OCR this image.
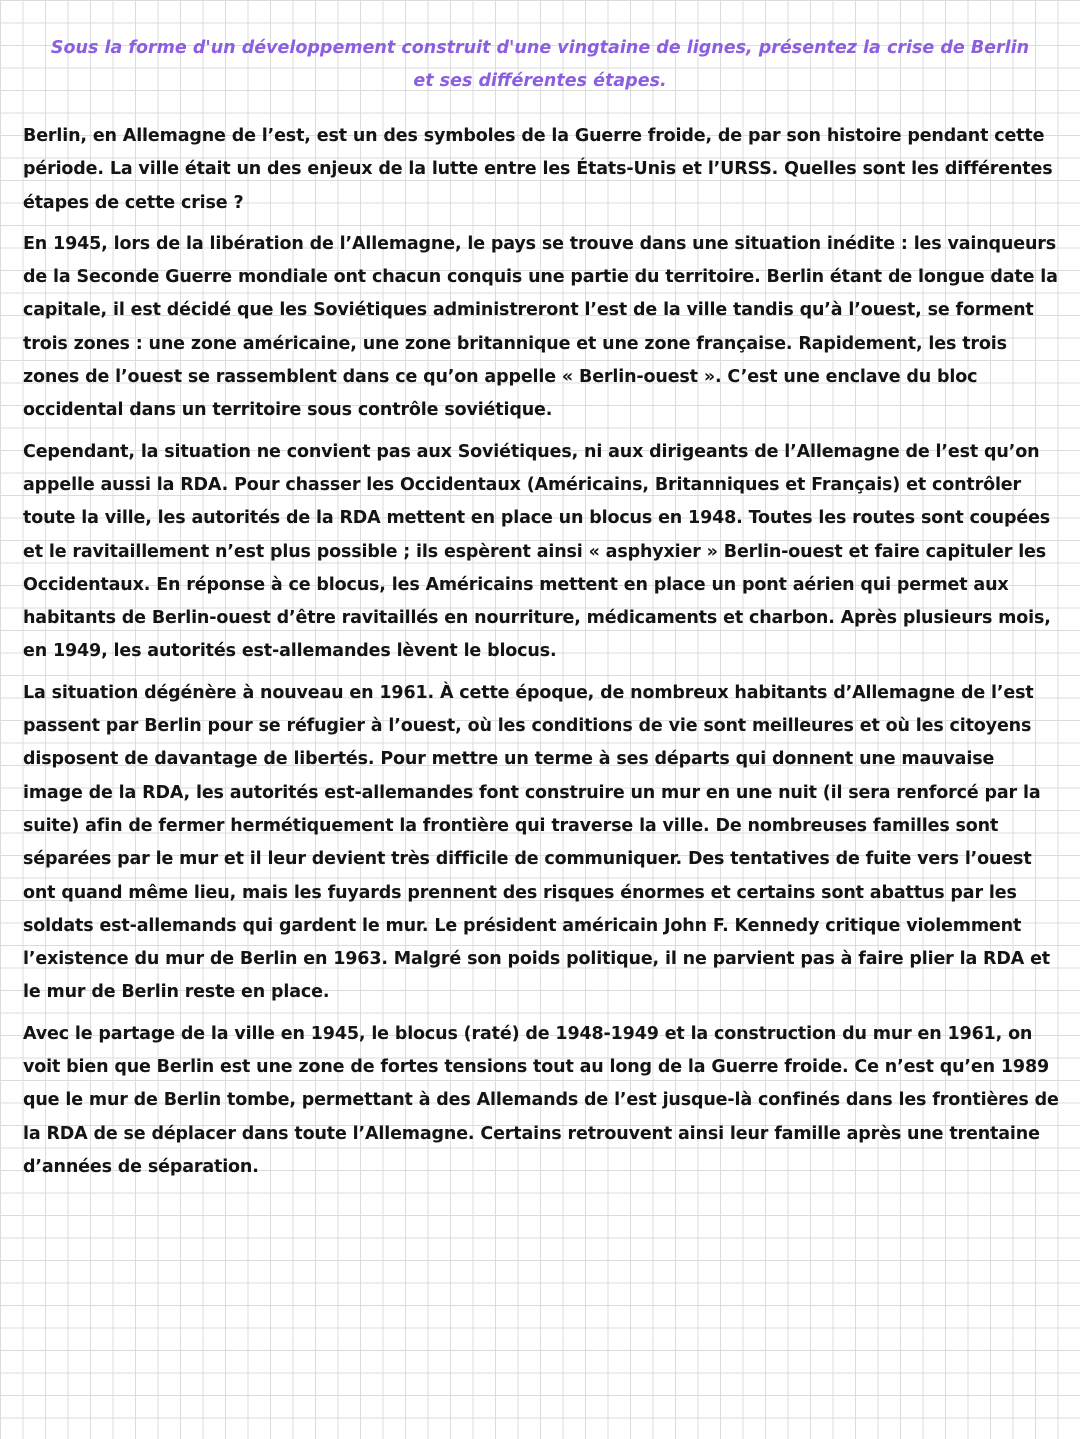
Sous la forme d'un développement construit d'une vingtaine de lignes, présentez la crise de Berlin et ses différentes étapes.

Berlin, en Allemagne de l’est, est un des symboles de la Guerre froide, de par son histoire pendant cette période. La ville était un des enjeux de la lutte entre les États-Unis et l’URSS. Quelles sont les différentes étapes de cette crise ?

En 1945, lors de la libération de l’Allemagne, le pays se trouve dans une situation inédite : les vainqueurs de la Seconde Guerre mondiale ont chacun conquis une partie du territoire. Berlin étant de longue date la capitale, il est décidé que les Soviétiques administreront l’est de la ville tandis qu’à l’ouest, se forment trois zones : une zone américaine, une zone britannique et une zone française. Rapidement, les trois zones de l’ouest se rassemblent dans ce qu’on appelle « Berlin-ouest ». C’est une enclave du bloc occidental dans un territoire sous contrôle soviétique.

Cependant, la situation ne convient pas aux Soviétiques, ni aux dirigeants de l’Allemagne de l’est qu’on appelle aussi la RDA. Pour chasser les Occidentaux (Américains, Britanniques et Français) et contrôler toute la ville, les autorités de la RDA mettent en place un blocus en 1948. Toutes les routes sont coupées et le ravitaillement n’est plus possible ; ils espèrent ainsi « asphyxier » Berlin-ouest et faire capituler les Occidentaux. En réponse à ce blocus, les Américains mettent en place un pont aérien qui permet aux habitants de Berlin-ouest d’être ravitaillés en nourriture, médicaments et charbon. Après plusieurs mois, en 1949, les autorités est-allemandes lèvent le blocus.

La situation dégénère à nouveau en 1961. À cette époque, de nombreux habitants d’Allemagne de l’est passent par Berlin pour se réfugier à l’ouest, où les conditions de vie sont meilleures et où les citoyens disposent de davantage de libertés. Pour mettre un terme à ses départs qui donnent une mauvaise image de la RDA, les autorités est-allemandes font construire un mur en une nuit (il sera renforcé par la suite) afin de fermer hermétiquement la frontière qui traverse la ville. De nombreuses familles sont séparées par le mur et il leur devient très difficile de communiquer. Des tentatives de fuite vers l’ouest ont quand même lieu, mais les fuyards prennent des risques énormes et certains sont abattus par les soldats est-allemands qui gardent le mur. Le président américain John F. Kennedy critique violemment l’existence du mur de Berlin en 1963. Malgré son poids politique, il ne parvient pas à faire plier la RDA et le mur de Berlin reste en place.

Avec le partage de la ville en 1945, le blocus (raté) de 1948-1949 et la construction du mur en 1961, on voit bien que Berlin est une zone de fortes tensions tout au long de la Guerre froide. Ce n’est qu’en 1989 que le mur de Berlin tombe, permettant à des Allemands de l’est jusque-là confinés dans les frontières de la RDA de se déplacer dans toute l’Allemagne. Certains retrouvent ainsi leur famille après une trentaine d’années de séparation.
